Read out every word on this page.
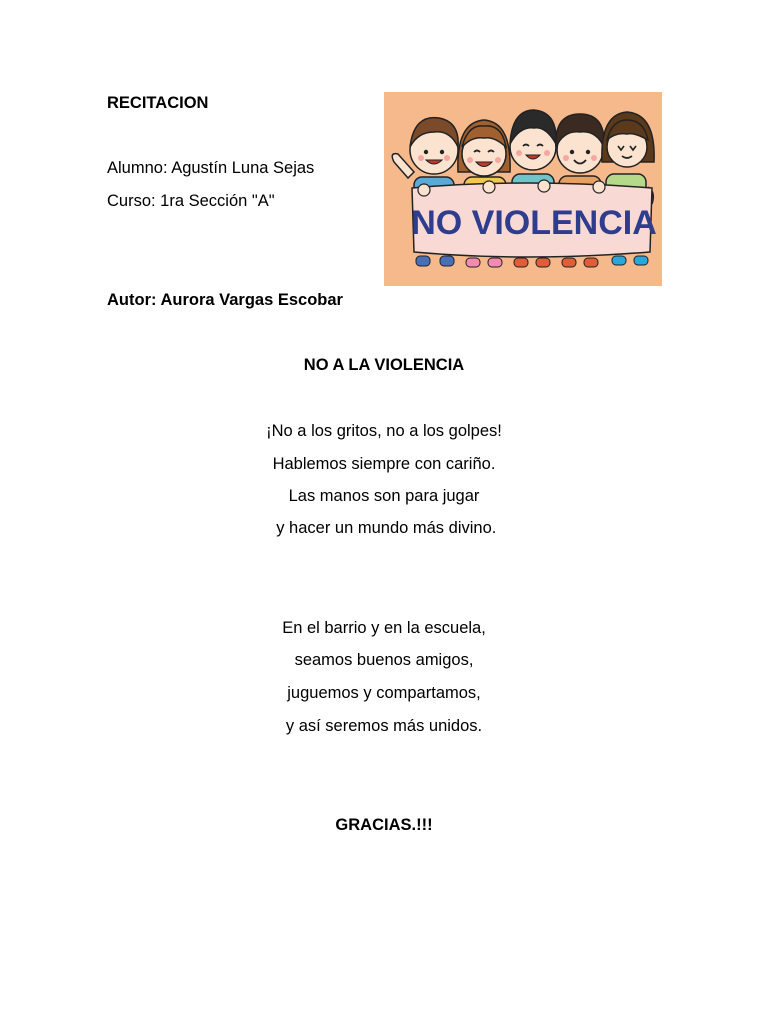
RECITACION
Alumno: Agustín Luna Sejas
Curso: 1ra Sección "A"
Autor: Aurora Vargas Escobar
NO VIOLENCIA
NO A LA VIOLENCIA
¡No a los gritos, no a los golpes!
Hablemos siempre con cariño.
Las manos son para jugar
y hacer un mundo más divino.
En el barrio y en la escuela,
seamos buenos amigos,
juguemos y compartamos,
y así seremos más unidos.
GRACIAS.!!!
